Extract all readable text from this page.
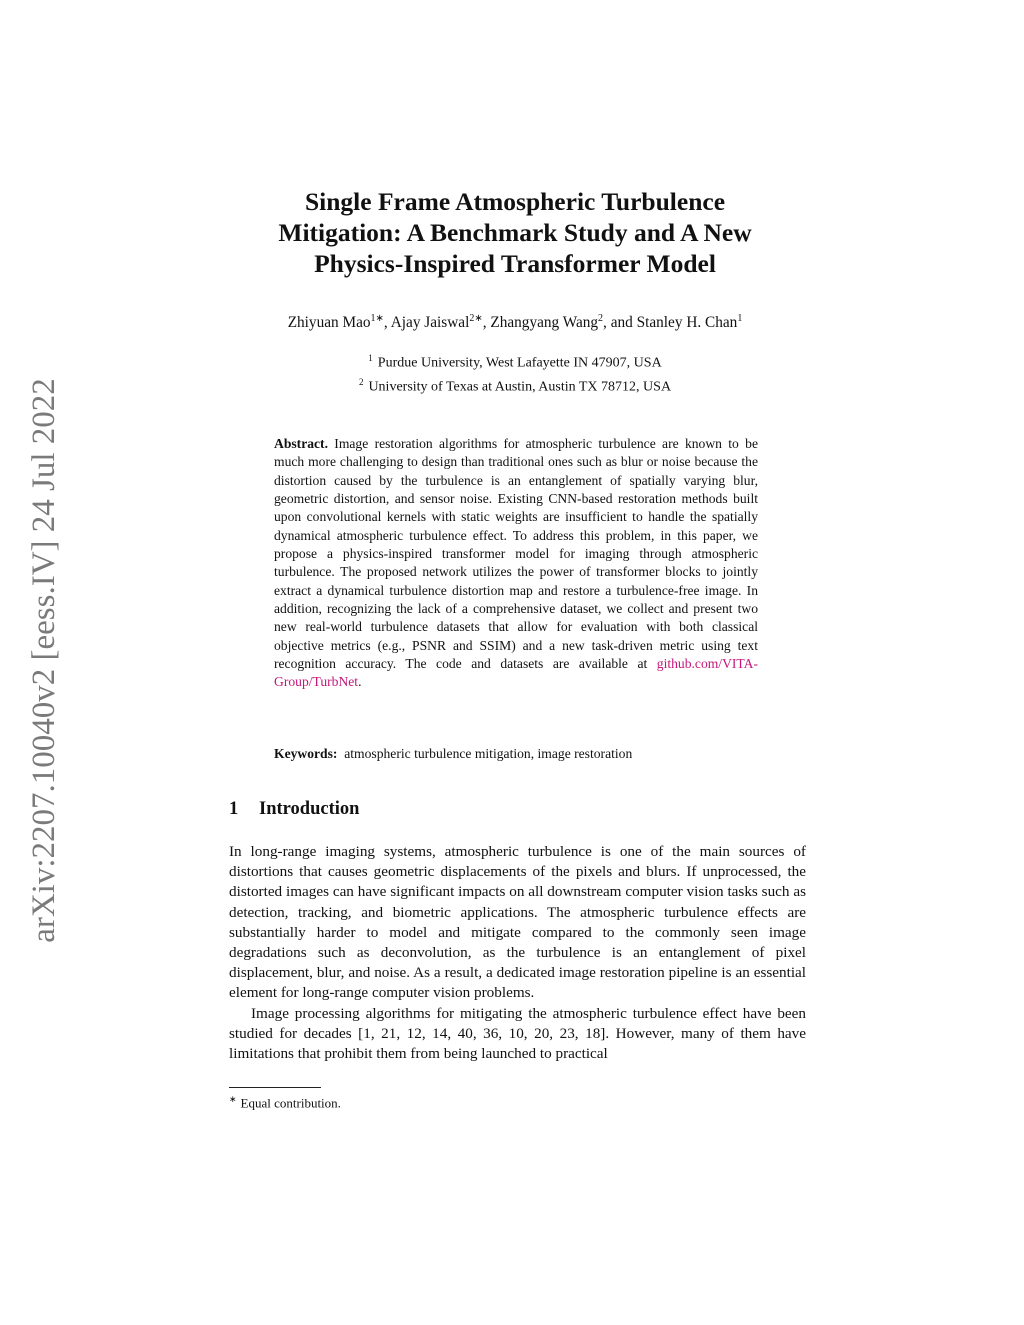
arXiv:2207.10040v2 [eess.IV] 24 Jul 2022
Single Frame Atmospheric Turbulence
Mitigation: A Benchmark Study and A New
Physics-Inspired Transformer Model
Zhiyuan Mao$^{1∗}$, Ajay Jaiswal$^{2∗}$, Zhangyang Wang$^2$, and Stanley H. Chan$^1$
$^1$ Purdue University, West Lafayette IN 47907, USA
$^2$ University of Texas at Austin, Austin TX 78712, USA
Abstract. Image restoration algorithms for atmospheric turbulence are known to be much more challenging to design than traditional ones such as blur or noise because the distortion caused by the turbulence is an entanglement of spatially varying blur, geometric distortion, and sensor noise. Existing CNN-based restoration methods built upon convolutional kernels with static weights are insufficient to handle the spatially dynamical atmospheric turbulence effect. To address this problem, in this paper, we propose a physics-inspired transformer model for imaging through atmospheric turbulence. The proposed network utilizes the power of transformer blocks to jointly extract a dynamical turbulence distortion map and restore a turbulence-free image. In addition, recognizing the lack of a comprehensive dataset, we collect and present two new real-world turbulence datasets that allow for evaluation with both classical objective metrics (e.g., PSNR and SSIM) and a new task-driven metric using text recognition accuracy. The code and datasets are available at github.com/VITA-Group/TurbNet.
Keywords: atmospheric turbulence mitigation, image restoration
1 Introduction

In long-range imaging systems, atmospheric turbulence is one of the main sources of distortions that causes geometric displacements of the pixels and blurs. If unprocessed, the distorted images can have significant impacts on all downstream computer vision tasks such as detection, tracking, and biometric applications. The atmospheric turbulence effects are substantially harder to model and mitigate compared to the commonly seen image degradations such as deconvolution, as the turbulence is an entanglement of pixel displacement, blur, and noise. As a result, a dedicated image restoration pipeline is an essential element for long-range computer vision problems.

Image processing algorithms for mitigating the atmospheric turbulence effect have been studied for decades [1, 21, 12, 14, 40, 36, 10, 20, 23, 18]. However, many of them have limitations that prohibit them from being launched to practical

∗ Equal contribution.
